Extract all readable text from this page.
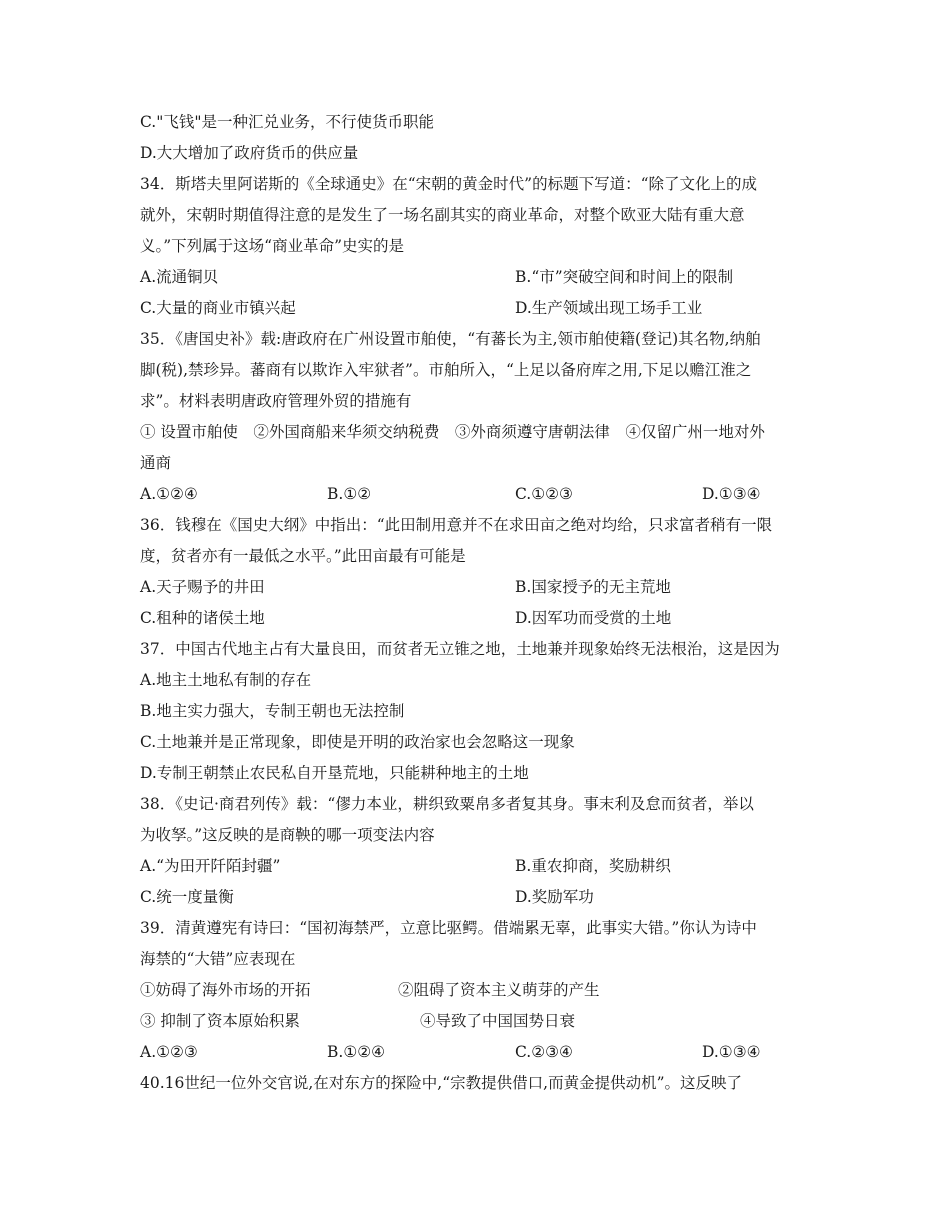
C."飞钱"是一种汇兑业务，不行使货币职能
D.大大增加了政府货币的供应量
34．斯塔夫里阿诺斯的《全球通史》在“宋朝的黄金时代”的标题下写道：“除了文化上的成
就外，宋朝时期值得注意的是发生了一场名副其实的商业革命，对整个欧亚大陆有重大意
义。”下列属于这场“商业革命”史实的是
A.流通铜贝	B.“市”突破空间和时间上的限制
C.大量的商业市镇兴起	D.生产领域出现工场手工业
35．《唐国史补》载:唐政府在广州设置市舶使，“有蕃长为主,领市舶使籍(登记)其名物,纳舶
脚(税),禁珍异。蕃商有以欺诈入牢狱者”。市舶所入，“上足以备府库之用,下足以赡江淮之
求”。材料表明唐政府管理外贸的措施有
① 设置市舶使　②外国商船来华须交纳税费　③外商须遵守唐朝法律　④仅留广州一地对外
通商
A.①②④	B.①②	C.①②③	D.①③④
36．钱穆在《国史大纲》中指出：“此田制用意并不在求田亩之绝对均给，只求富者稍有一限
度，贫者亦有一最低之水平。”此田亩最有可能是
A.天子赐予的井田	B.国家授予的无主荒地
C.租种的诸侯土地	D.因军功而受赏的土地
37．中国古代地主占有大量良田，而贫者无立锥之地，土地兼并现象始终无法根治，这是因为
A.地主土地私有制的存在
B.地主实力强大，专制王朝也无法控制
C.土地兼并是正常现象，即使是开明的政治家也会忽略这一现象
D.专制王朝禁止农民私自开垦荒地，只能耕种地主的土地
38．《史记·商君列传》载：“僇力本业，耕织致粟帛多者复其身。事末利及怠而贫者，举以
为收孥。”这反映的是商鞅的哪一项变法内容
A.“为田开阡陌封疆”	B.重农抑商，奖励耕织
C.统一度量衡	D.奖励军功
39．清黄遵宪有诗曰：“国初海禁严，立意比驱鳄。借端累无辜，此事实大错。”你认为诗中
海禁的“大错”应表现在
①妨碍了海外市场的开拓	②阻碍了资本主义萌芽的产生
③ 抑制了资本原始积累	④导致了中国国势日衰
A.①②③	B.①②④	C.②③④	D.①③④
40.16世纪一位外交官说,在对东方的探险中,“宗教提供借口,而黄金提供动机”。这反映了
